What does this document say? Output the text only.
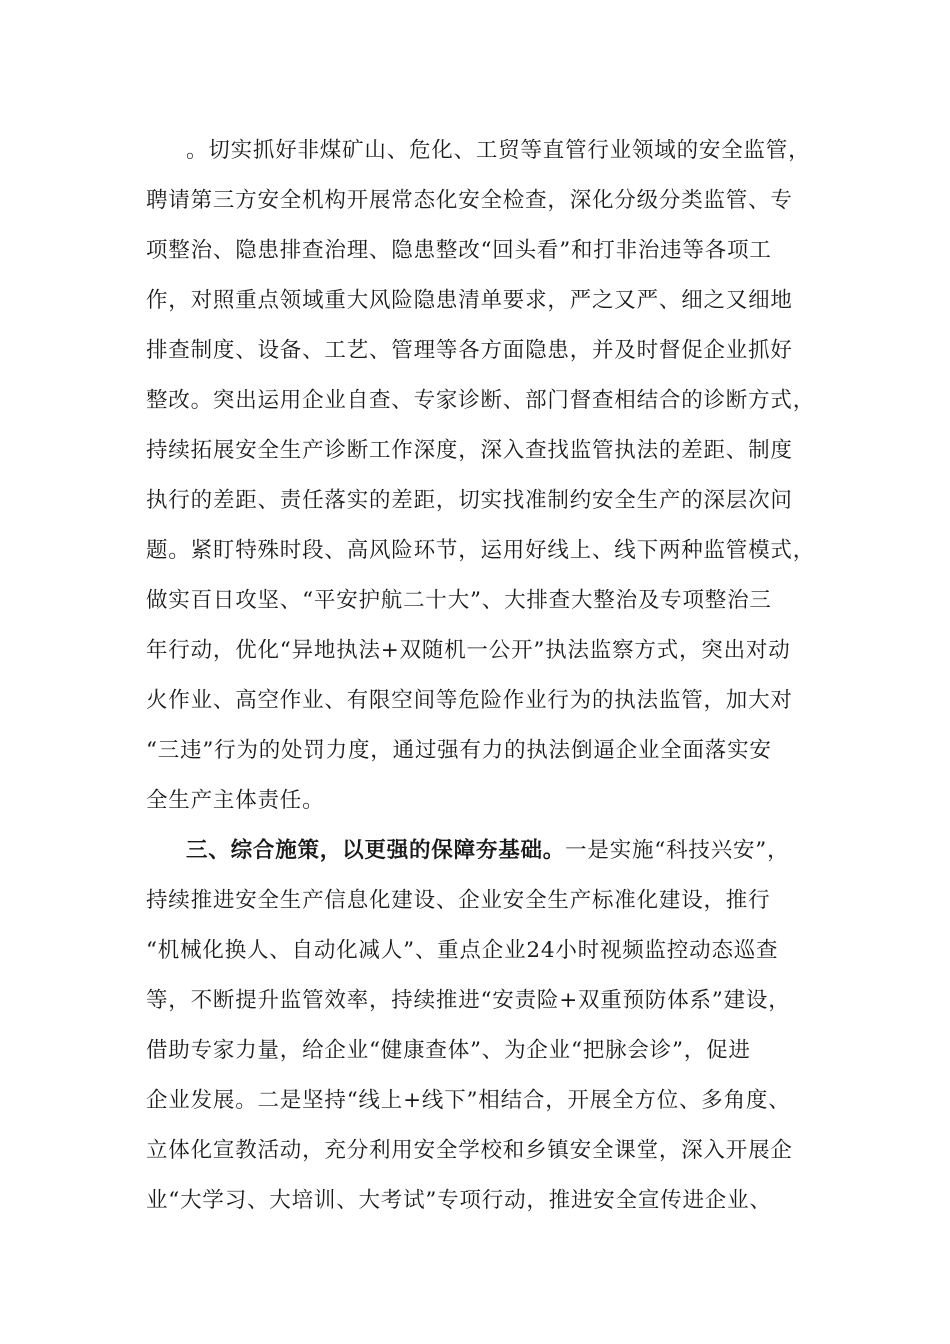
。切实抓好非煤矿山、危化、工贸等直管行业领域的安全监管，
聘请第三方安全机构开展常态化安全检查，深化分级分类监管、专
项整治、隐患排查治理、隐患整改“回头看”和打非治违等各项工
作，对照重点领域重大风险隐患清单要求，严之又严、细之又细地
排查制度、设备、工艺、管理等各方面隐患，并及时督促企业抓好
整改。突出运用企业自查、专家诊断、部门督查相结合的诊断方式，
持续拓展安全生产诊断工作深度，深入查找监管执法的差距、制度
执行的差距、责任落实的差距，切实找准制约安全生产的深层次问
题。紧盯特殊时段、高风险环节，运用好线上、线下两种监管模式，
做实百日攻坚、“平安护航二十大”、大排查大整治及专项整治三
年行动，优化“异地执法+双随机一公开”执法监察方式，突出对动
火作业、高空作业、有限空间等危险作业行为的执法监管，加大对
“三违”行为的处罚力度，通过强有力的执法倒逼企业全面落实安
全生产主体责任。
三、综合施策，以更强的保障夯基础。一是实施“科技兴安”，
持续推进安全生产信息化建设、企业安全生产标准化建设，推行
“机械化换人、自动化减人”、重点企业24小时视频监控动态巡查
等，不断提升监管效率，持续推进“安责险+双重预防体系”建设，
借助专家力量，给企业“健康查体”、为企业“把脉会诊”，促进
企业发展。二是坚持“线上+线下”相结合，开展全方位、多角度、
立体化宣教活动，充分利用安全学校和乡镇安全课堂，深入开展企
业“大学习、大培训、大考试”专项行动，推进安全宣传进企业、
